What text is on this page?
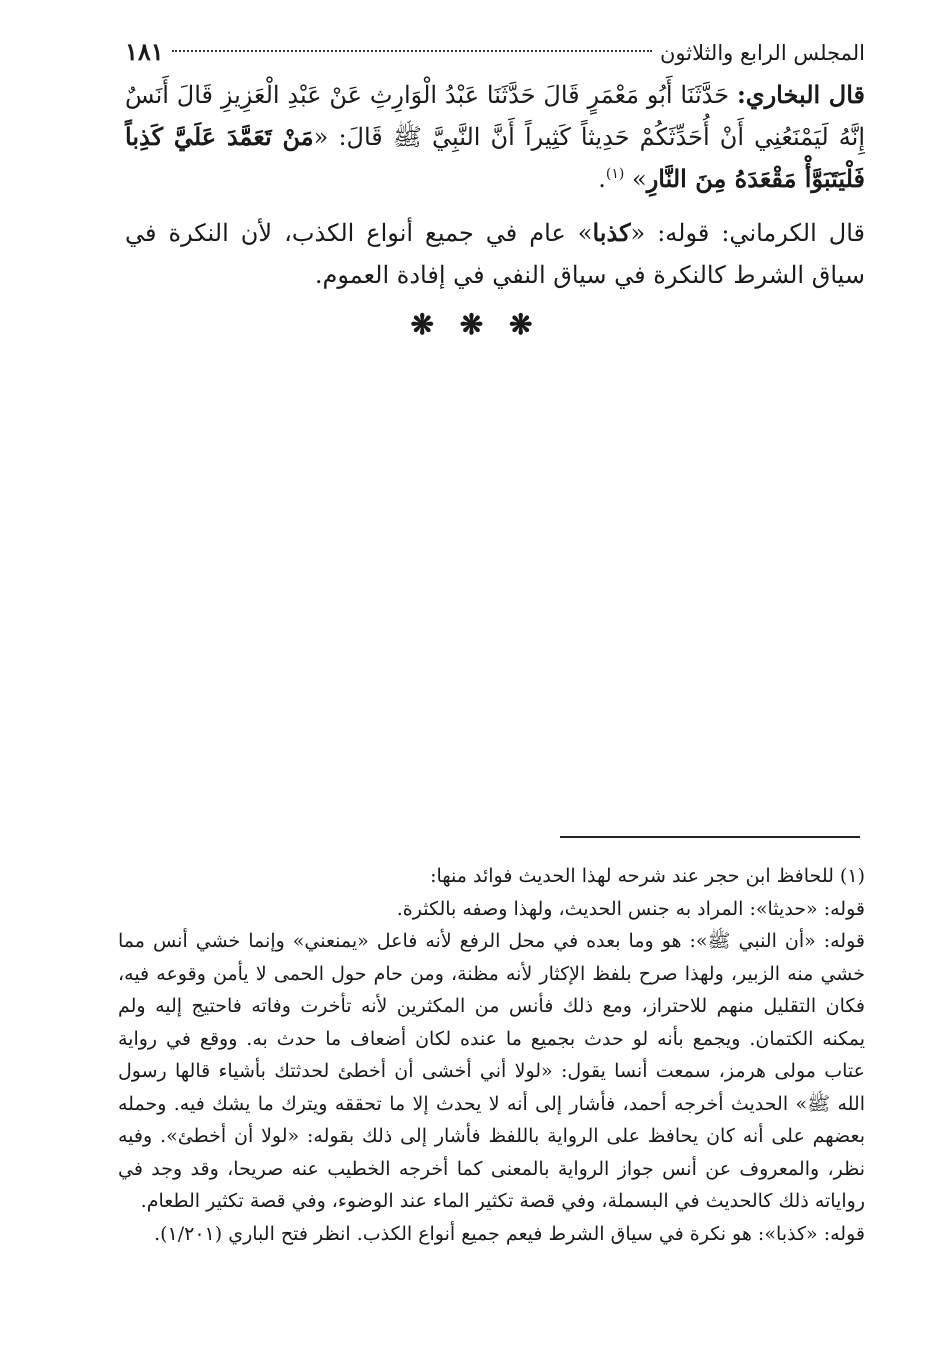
المجلس الرابع والثلاثون
١٨١

قال البخاري: حَدَّثَنَا أَبُو مَعْمَرٍ قَالَ حَدَّثَنَا عَبْدُ الْوَارِثِ عَنْ عَبْدِ الْعَزِيزِ قَالَ أَنَسٌ إِنَّهُ لَيَمْنَعُنِي أَنْ أُحَدِّثَكُمْ حَدِيثاً كَثِيراً أَنَّ النَّبِيَّ ﷺ قَالَ: «مَنْ تَعَمَّدَ عَلَيَّ كَذِباً فَلْيَتَبَوَّأْ مَقْعَدَهُ مِنَ النَّارِ» $^{(١)}$.

قال الكرماني: قوله: «كذبا» عام في جميع أنواع الكذب، لأن النكرة في سياق الشرط كالنكرة في سياق النفي في إفادة العموم.

❋ ❋ ❋

(١) للحافظ ابن حجر عند شرحه لهذا الحديث فوائد منها:

قوله: «حديثا»: المراد به جنس الحديث، ولهذا وصفه بالكثرة.

قوله: «أن النبي ﷺ»: هو وما بعده في محل الرفع لأنه فاعل «يمنعني» وإنما خشي أنس مما خشي منه الزبير، ولهذا صرح بلفظ الإكثار لأنه مظنة، ومن حام حول الحمى لا يأمن وقوعه فيه، فكان التقليل منهم للاحتراز، ومع ذلك فأنس من المكثرين لأنه تأخرت وفاته فاحتيج إليه ولم يمكنه الكتمان. ويجمع بأنه لو حدث بجميع ما عنده لكان أضعاف ما حدث به. ووقع في رواية عتاب مولى هرمز، سمعت أنسا يقول: «لولا أني أخشى أن أخطئ لحدثتك بأشياء قالها رسول الله ﷺ» الحديث أخرجه أحمد، فأشار إلى أنه لا يحدث إلا ما تحققه ويترك ما يشك فيه. وحمله بعضهم على أنه كان يحافظ على الرواية باللفظ فأشار إلى ذلك بقوله: «لولا أن أخطئ». وفيه نظر، والمعروف عن أنس جواز الرواية بالمعنى كما أخرجه الخطيب عنه صريحا، وقد وجد في رواياته ذلك كالحديث في البسملة، وفي قصة تكثير الماء عند الوضوء، وفي قصة تكثير الطعام.

قوله: «كذبا»: هو نكرة في سياق الشرط فيعم جميع أنواع الكذب. انظر فتح الباري (١/٢٠١).
